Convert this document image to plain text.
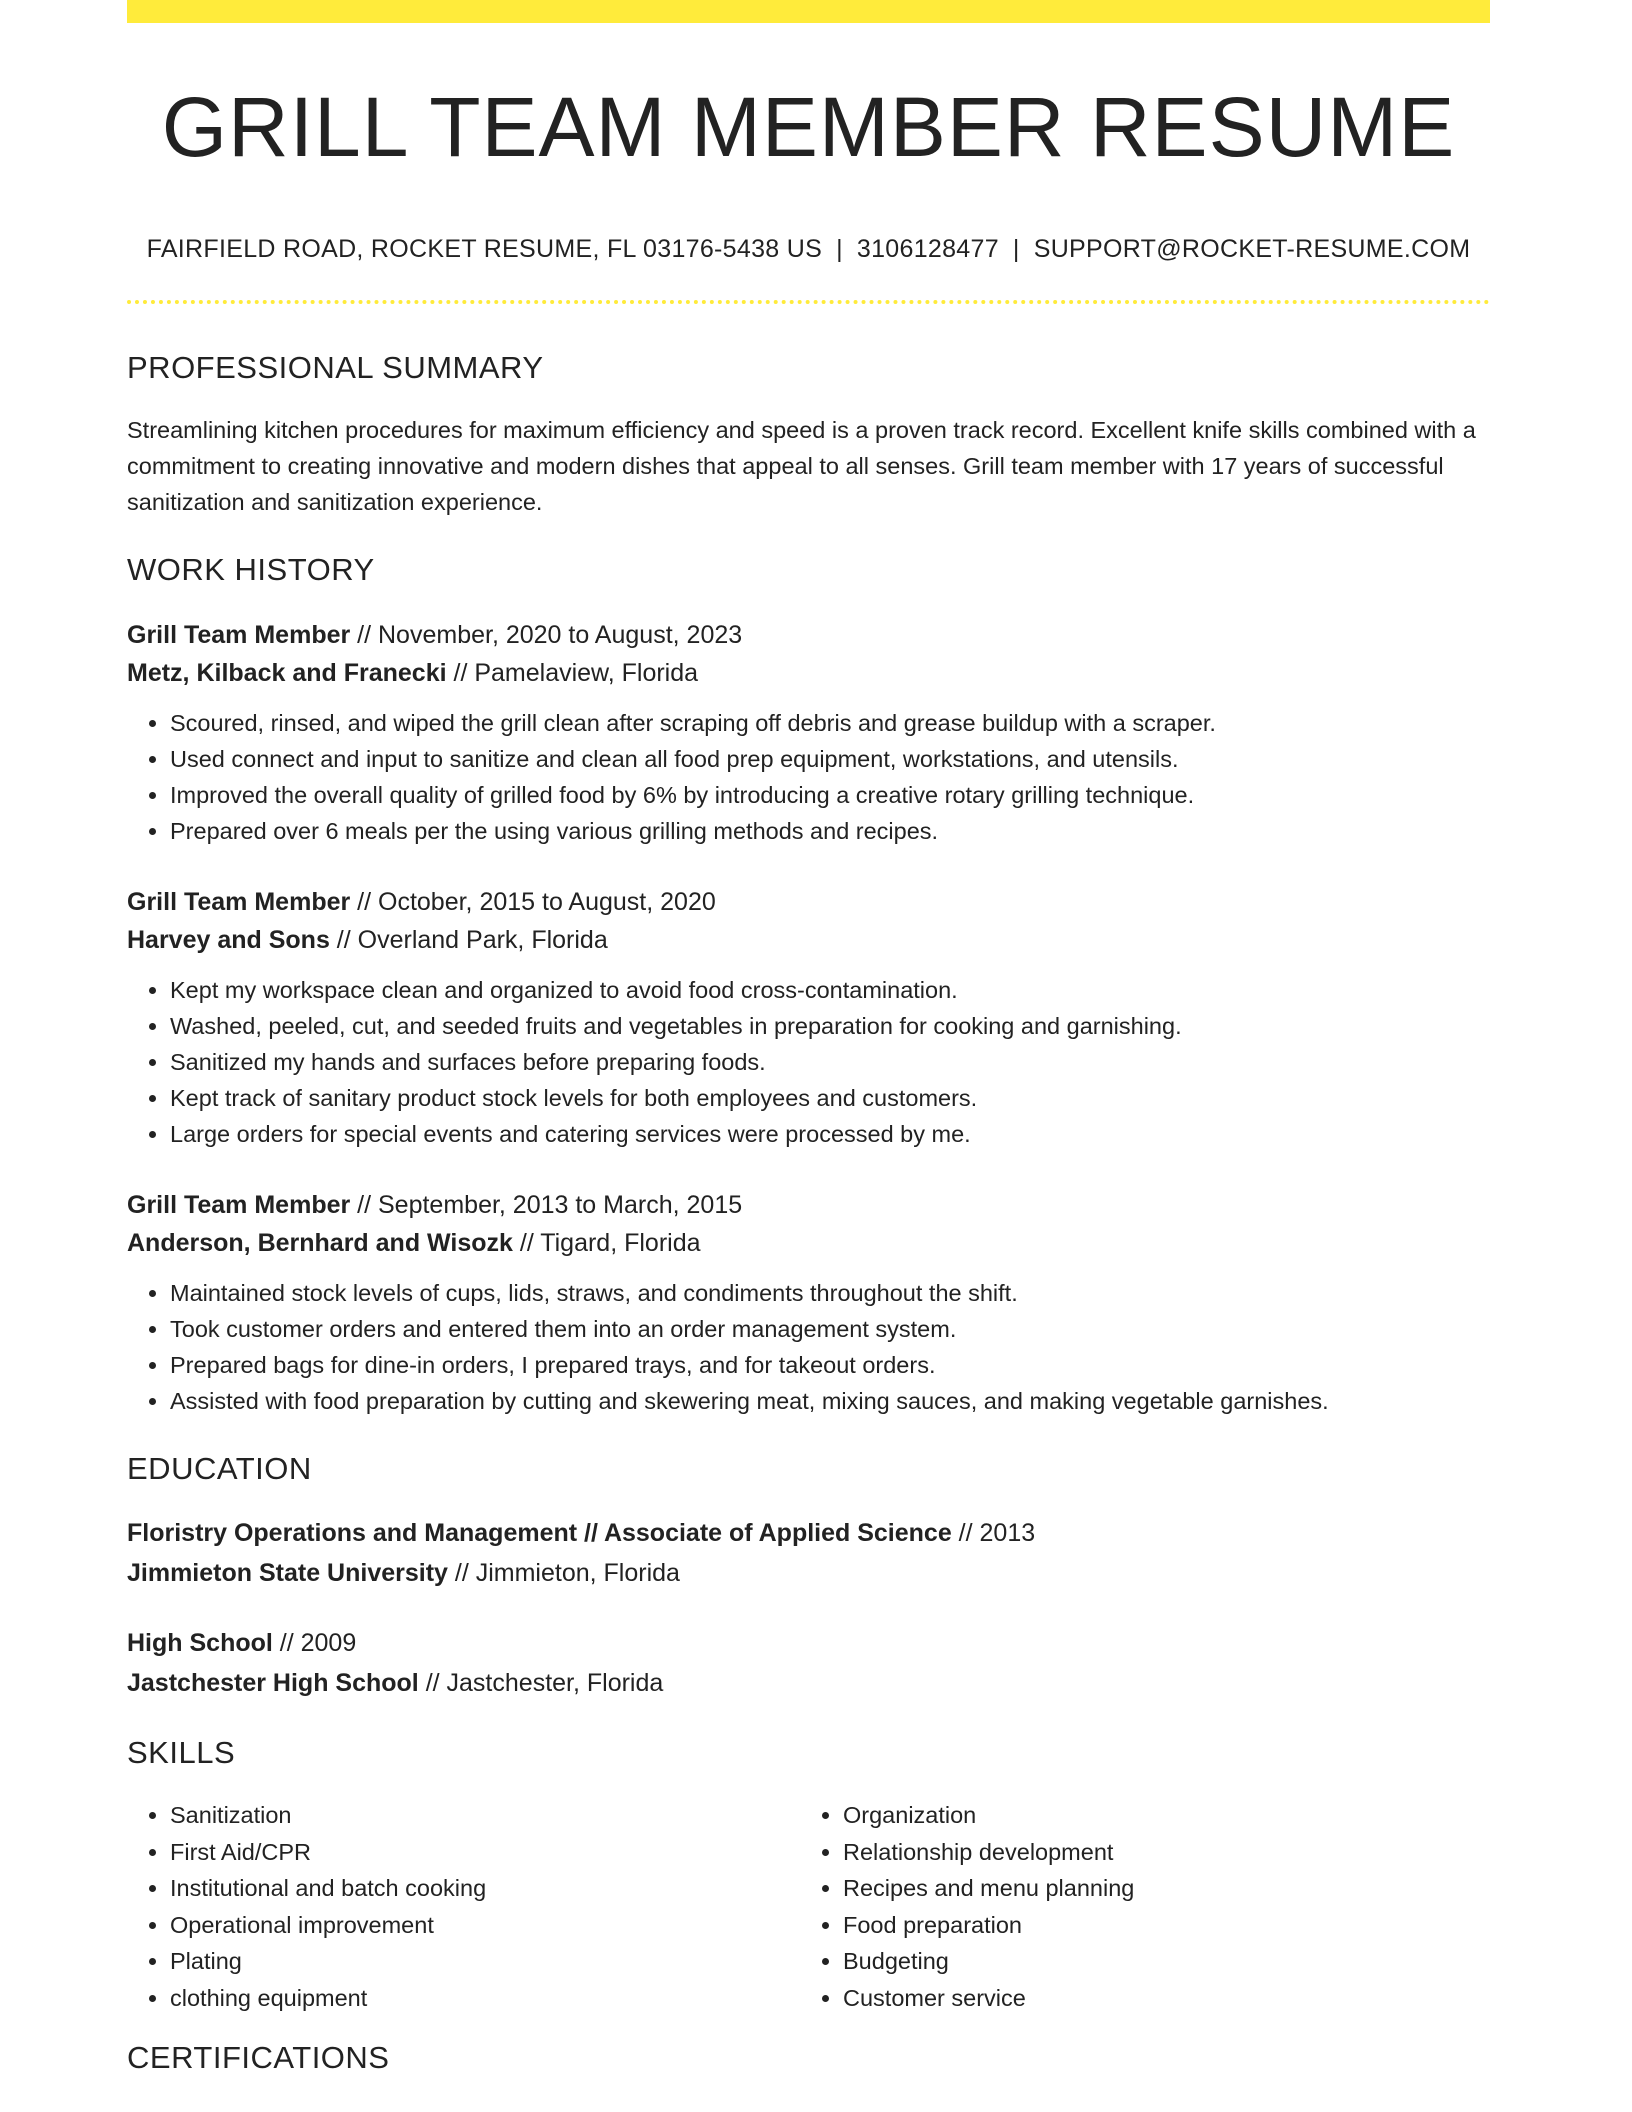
GRILL TEAM MEMBER RESUME
FAIRFIELD ROAD, ROCKET RESUME, FL 03176-5438 US | 3106128477 | SUPPORT@ROCKET-RESUME.COM
PROFESSIONAL SUMMARY
Streamlining kitchen procedures for maximum efficiency and speed is a proven track record. Excellent knife skills combined with a commitment to creating innovative and modern dishes that appeal to all senses. Grill team member with 17 years of successful sanitization and sanitization experience.
WORK HISTORY
Grill Team Member // November, 2020 to August, 2023
Metz, Kilback and Franecki // Pamelaview, Florida
• Scoured, rinsed, and wiped the grill clean after scraping off debris and grease buildup with a scraper.
• Used connect and input to sanitize and clean all food prep equipment, workstations, and utensils.
• Improved the overall quality of grilled food by 6% by introducing a creative rotary grilling technique.
• Prepared over 6 meals per the using various grilling methods and recipes.
Grill Team Member // October, 2015 to August, 2020
Harvey and Sons // Overland Park, Florida
• Kept my workspace clean and organized to avoid food cross-contamination.
• Washed, peeled, cut, and seeded fruits and vegetables in preparation for cooking and garnishing.
• Sanitized my hands and surfaces before preparing foods.
• Kept track of sanitary product stock levels for both employees and customers.
• Large orders for special events and catering services were processed by me.
Grill Team Member // September, 2013 to March, 2015
Anderson, Bernhard and Wisozk // Tigard, Florida
• Maintained stock levels of cups, lids, straws, and condiments throughout the shift.
• Took customer orders and entered them into an order management system.
• Prepared bags for dine-in orders, I prepared trays, and for takeout orders.
• Assisted with food preparation by cutting and skewering meat, mixing sauces, and making vegetable garnishes.
EDUCATION
Floristry Operations and Management // Associate of Applied Science // 2013
Jimmieton State University // Jimmieton, Florida
High School // 2009
Jastchester High School // Jastchester, Florida
SKILLS
• Sanitization
• First Aid/CPR
• Institutional and batch cooking
• Operational improvement
• Plating
• clothing equipment
• Organization
• Relationship development
• Recipes and menu planning
• Food preparation
• Budgeting
• Customer service
CERTIFICATIONS
